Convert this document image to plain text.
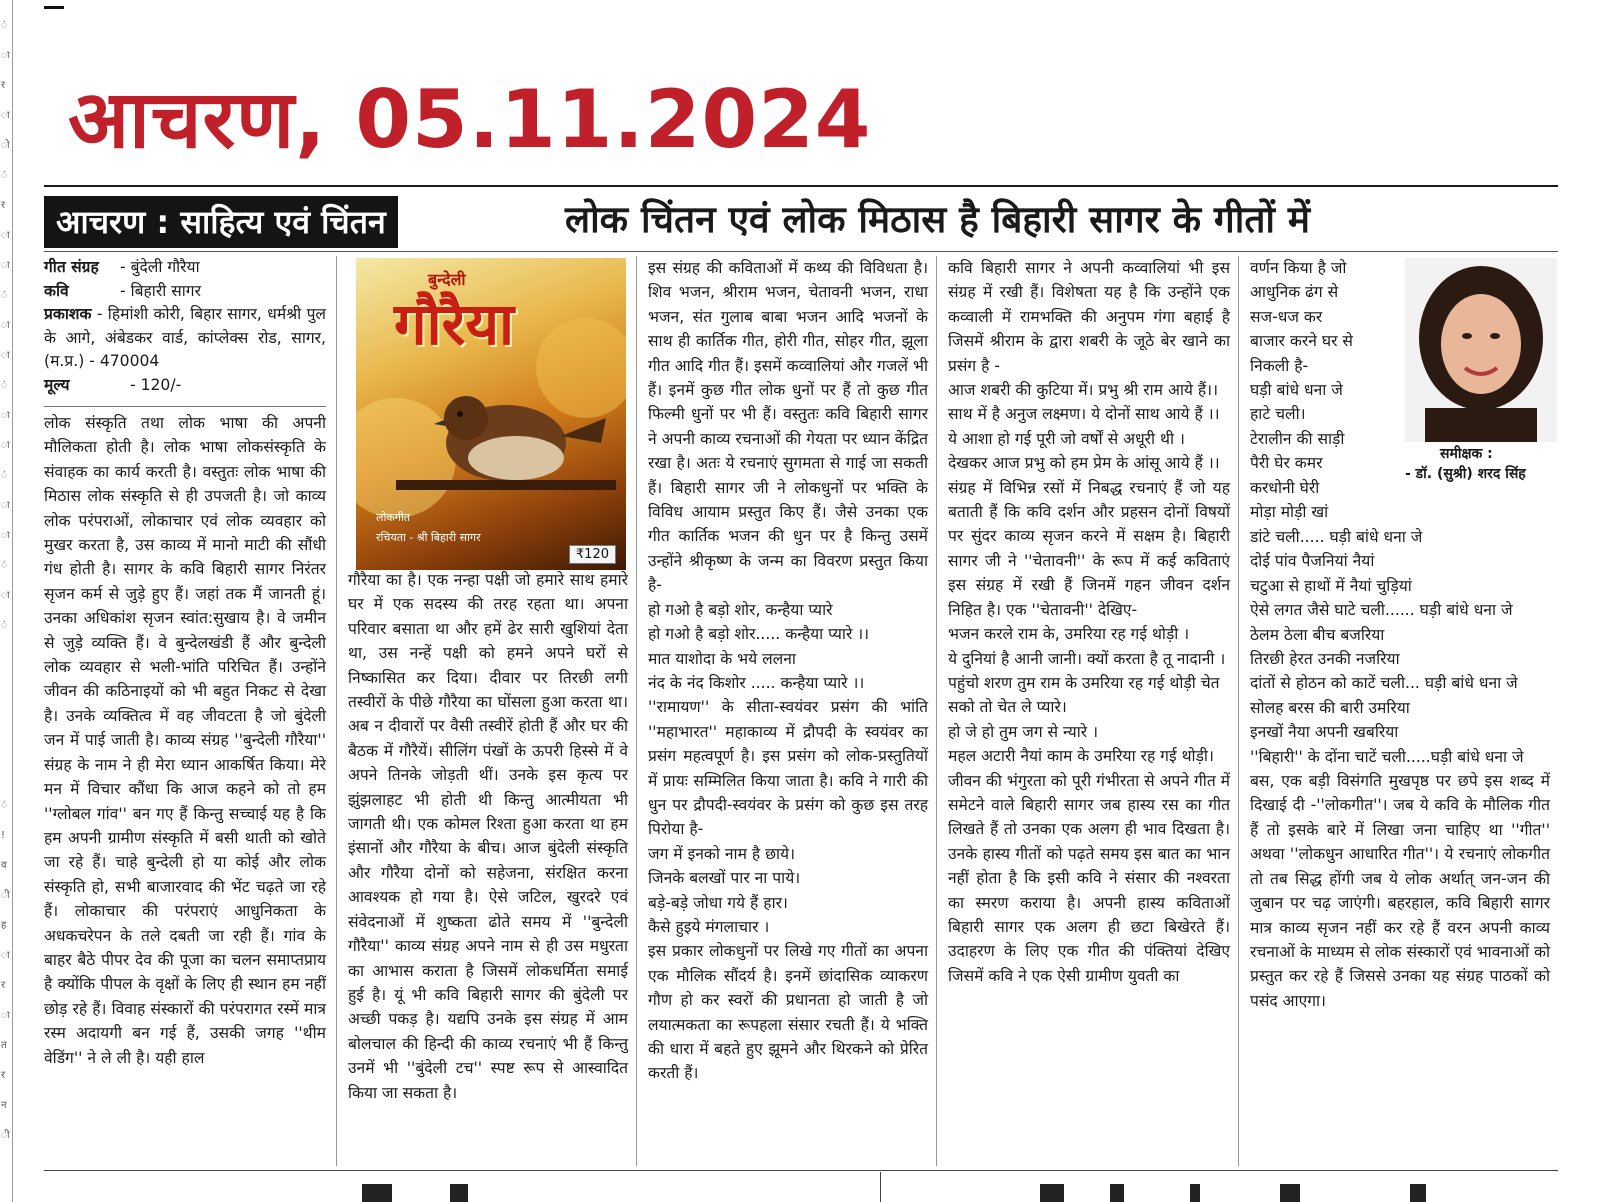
ं
ा
र
ा
ो
ं
र
ा
ा
ं
ा
ा
ं
ा
ा
ं
ा
ा
ं
ा
ं
ं
!
व
ी
ह
ा
र
ा
त
र
न
ी
आचरण, 05.11.2024
आचरण : साहित्य एवं चिंतन	लोक चिंतन एवं लोक मिठास है बिहारी सागर के गीतों में
गीत संग्रह	- बुंदेली गौरैया
कवि	- बिहारी सागर
प्रकाशक - हिमांशी कोरी, बिहार सागर, धर्मश्री पुल के आगे, अंबेडकर वार्ड, कांप्लेक्स रोड, सागर, (म.प्र.) - 470004
मूल्य	- 120/-

लोक संस्कृति तथा लोक भाषा की अपनी मौलिकता होती है। लोक भाषा लोकसंस्कृति के संवाहक का कार्य करती है। वस्तुतः लोक भाषा की मिठास लोक संस्कृति से ही उपजती है। जो काव्य लोक परंपराओं, लोकाचार एवं लोक व्यवहार को मुखर करता है, उस काव्य में मानो माटी की सौंधी गंध होती है। सागर के कवि बिहारी सागर निरंतर सृजन कर्म से जुड़े हुए हैं। जहां तक मैं जानती हूं। उनका अधिकांश सृजन स्वांत:सुखाय है। वे जमीन से जुड़े व्यक्ति हैं। वे बुन्देलखंडी हैं और बुन्देली लोक व्यवहार से भली-भांति परिचित हैं। उन्होंने जीवन की कठिनाइयों को भी बहुत निकट से देखा है। उनके व्यक्तित्व में वह जीवटता है जो बुंदेली जन में पाई जाती है। काव्य संग्रह ''बुन्देली गौरैया'' संग्रह के नाम ने ही मेरा ध्यान आकर्षित किया। मेरे मन में विचार कौंधा कि आज कहने को तो हम ''ग्लोबल गांव'' बन गए हैं किन्तु सच्चाई यह है कि हम अपनी ग्रामीण संस्कृति में बसी थाती को खोते जा रहे हैं। चाहे बुन्देली हो या कोई और लोक संस्कृति हो, सभी बाजारवाद की भेंट चढ़ते जा रहे हैं। लोकाचार की परंपराएं आधुनिकता के अधकचरेपन के तले दबती जा रही हैं। गांव के बाहर बैठे पीपर देव की पूजा का चलन समाप्तप्राय है क्योंकि पीपल के वृक्षों के लिए ही स्थान हम नहीं छोड़ रहे हैं। विवाह संस्कारों की परंपरागत रस्में मात्र रस्म अदायगी बन गई हैं, उसकी जगह ''थीम वेडिंग'' ने ले ली है। यही हाल

बुन्देली
गौरैया
लोकगीत
रचियता - श्री बिहारी सागर
₹120

गौरैया का है। एक नन्हा पक्षी जो हमारे साथ हमारे घर में एक सदस्य की तरह रहता था। अपना परिवार बसाता था और हमें ढेर सारी खुशियां देता था, उस नन्हें पक्षी को हमने अपने घरों से निष्कासित कर दिया। दीवार पर तिरछी लगी तस्वीरों के पीछे गौरैया का घोंसला हुआ करता था। अब न दीवारों पर वैसी तस्वीरें होती हैं और घर की बैठक में गौरैयें। सीलिंग पंखों के ऊपरी हिस्से में वे अपने तिनके जोड़ती थीं। उनके इस कृत्य पर झुंझलाहट भी होती थी किन्तु आत्मीयता भी जागती थी। एक कोमल रिश्ता हुआ करता था हम इंसानों और गौरैया के बीच। आज बुंदेली संस्कृति और गौरैया दोनों को सहेजना, संरक्षित करना आवश्यक हो गया है। ऐसे जटिल, खुरदरे एवं संवेदनाओं में शुष्कता ढोते समय में ''बुन्देली गौरैया'' काव्य संग्रह अपने नाम से ही उस मधुरता का आभास कराता है जिसमें लोकधर्मिता समाई हुई है। यूं भी कवि बिहारी सागर की बुंदेली पर अच्छी पकड़ है। यद्यपि उनके इस संग्रह में आम बोलचाल की हिन्दी की काव्य रचनाएं भी हैं किन्तु उनमें भी ''बुंदेली टच'' स्पष्ट रूप से आस्वादित किया जा सकता है।

इस संग्रह की कविताओं में कथ्य की विविधता है। शिव भजन, श्रीराम भजन, चेतावनी भजन, राधा भजन, संत गुलाब बाबा भजन आदि भजनों के साथ ही कार्तिक गीत, होरी गीत, सोहर गीत, झूला गीत आदि गीत हैं। इसमें कव्वालियां और गजलें भी हैं। इनमें कुछ गीत लोक धुनों पर हैं तो कुछ गीत फिल्मी धुनों पर भी हैं। वस्तुतः कवि बिहारी सागर ने अपनी काव्य रचनाओं की गेयता पर ध्यान केंद्रित रखा है। अतः ये रचनाएं सुगमता से गाई जा सकती हैं। बिहारी सागर जी ने लोकधुनों पर भक्ति के विविध आयाम प्रस्तुत किए हैं। जैसे उनका एक गीत कार्तिक भजन की धुन पर है किन्तु उसमें उन्होंने श्रीकृष्ण के जन्म का विवरण प्रस्तुत किया है-

हो गओ है बड़ो शोर, कन्हैया प्यारे
हो गओ है बड़ो शोर..... कन्हैया प्यारे ।।
मात याशोदा के भये ललना
नंद के नंद किशोर ..... कन्हैया प्यारे ।।

''रामायण'' के सीता-स्वयंवर प्रसंग की भांति ''महाभारत'' महाकाव्य में द्रौपदी के स्वयंवर का प्रसंग महत्वपूर्ण है। इस प्रसंग को लोक-प्रस्तुतियों में प्रायः सम्मिलित किया जाता है। कवि ने गारी की धुन पर द्रौपदी-स्वयंवर के प्रसंग को कुछ इस तरह पिरोया है-

जग में इनको नाम है छाये।
जिनके बलखों पार ना पाये।
बड़े-बड़े जोधा गये हैं हार।
कैसे हुइये मंगलाचार ।

इस प्रकार लोकधुनों पर लिखे गए गीतों का अपना एक मौलिक सौंदर्य है। इनमें छांदासिक व्याकरण गौण हो कर स्वरों की प्रधानता हो जाती है जो लयात्मकता का रूपहला संसार रचती हैं। ये भक्ति की धारा में बहते हुए झूमने और थिरकने को प्रेरित करती हैं।

कवि बिहारी सागर ने अपनी कव्वालियां भी इस संग्रह में रखी हैं। विशेषता यह है कि उन्होंने एक कव्वाली में रामभक्ति की अनुपम गंगा बहाई है जिसमें श्रीराम के द्वारा शबरी के जूठे बेर खाने का प्रसंग है -

आज शबरी की कुटिया में। प्रभु श्री राम आये हैं।।
साथ में है अनुज लक्ष्मण। ये दोनों साथ आये हैं ।।
ये आशा हो गई पूरी जो वर्षों से अधूरी थी ।
देखकर आज प्रभु को हम प्रेम के आंसू आये हैं ।।

संग्रह में विभिन्न रसों में निबद्ध रचनाएं हैं जो यह बताती हैं कि कवि दर्शन और प्रहसन दोनों विषयों पर सुंदर काव्य सृजन करने में सक्षम है। बिहारी सागर जी ने ''चेतावनी'' के रूप में कई कविताएं इस संग्रह में रखी हैं जिनमें गहन जीवन दर्शन निहित है। एक ''चेतावनी'' देखिए-

भजन करले राम के, उमरिया रह गई थोड़ी ।
ये दुनियां है आनी जानी। क्यों करता है तू नादानी ।
पहुंचो शरण तुम राम के उमरिया रह गई थोड़ी चेत सको तो चेत ले प्यारे।
हो जे हो तुम जग से न्यारे ।
महल अटारी नैयां काम के उमरिया रह गई थोड़ी।

जीवन की भंगुरता को पूरी गंभीरता से अपने गीत में समेटने वाले बिहारी सागर जब हास्य रस का गीत लिखते हैं तो उनका एक अलग ही भाव दिखता है। उनके हास्य गीतों को पढ़ते समय इस बात का भान नहीं होता है कि इसी कवि ने संसार की नश्वरता का स्मरण कराया है। अपनी हास्य कविताओं बिहारी सागर एक अलग ही छटा बिखेरते हैं। उदाहरण के लिए एक गीत की पंक्तियां देखिए जिसमें कवि ने एक ऐसी ग्रामीण युवती का

वर्णन किया है जो
आधुनिक ढंग से
सज-धज कर
बाजार करने घर से
निकली है-
घड़ी बांधे धना जे
हाटे चली।
टेरालीन की साड़ी
पैरी घेर कमर
करधोनी घेरी
मोड़ा मोड़ी खां
समीक्षक :
- डॉ. (सुश्री) शरद सिंह
डांटे चली..... घड़ी बांधे धना जे
दोई पांव पैजनियां नैयां
चटुआ से हाथों में नैयां चुड़ियां
ऐसे लगत जैसे घाटे चली...... घड़ी बांधे धना जे
ठेलम ठेला बीच बजरिया
तिरछी हेरत उनकी नजरिया
दांतों से होठन को काटें चली... घड़ी बांधे धना जे
सोलह बरस की बारी उमरिया
इनखों नैया अपनी खबरिया
''बिहारी'' के दोंना चाटें चली.....घड़ी बांधे धना जे

बस, एक बड़ी विसंगति मुखपृष्ठ पर छपे इस शब्द में दिखाई दी -''लोकगीत''। जब ये कवि के मौलिक गीत हैं तो इसके बारे में लिखा जना चाहिए था ''गीत'' अथवा ''लोकधुन आधारित गीत''। ये रचनाएं लोकगीत तो तब सिद्ध होंगी जब ये लोक अर्थात् जन-जन की जुबान पर चढ़ जाएंगी। बहरहाल, कवि बिहारी सागर मात्र काव्य सृजन नहीं कर रहे हैं वरन अपनी काव्य रचनाओं के माध्यम से लोक संस्कारों एवं भावनाओं को प्रस्तुत कर रहे हैं जिससे उनका यह संग्रह पाठकों को पसंद आएगा।
